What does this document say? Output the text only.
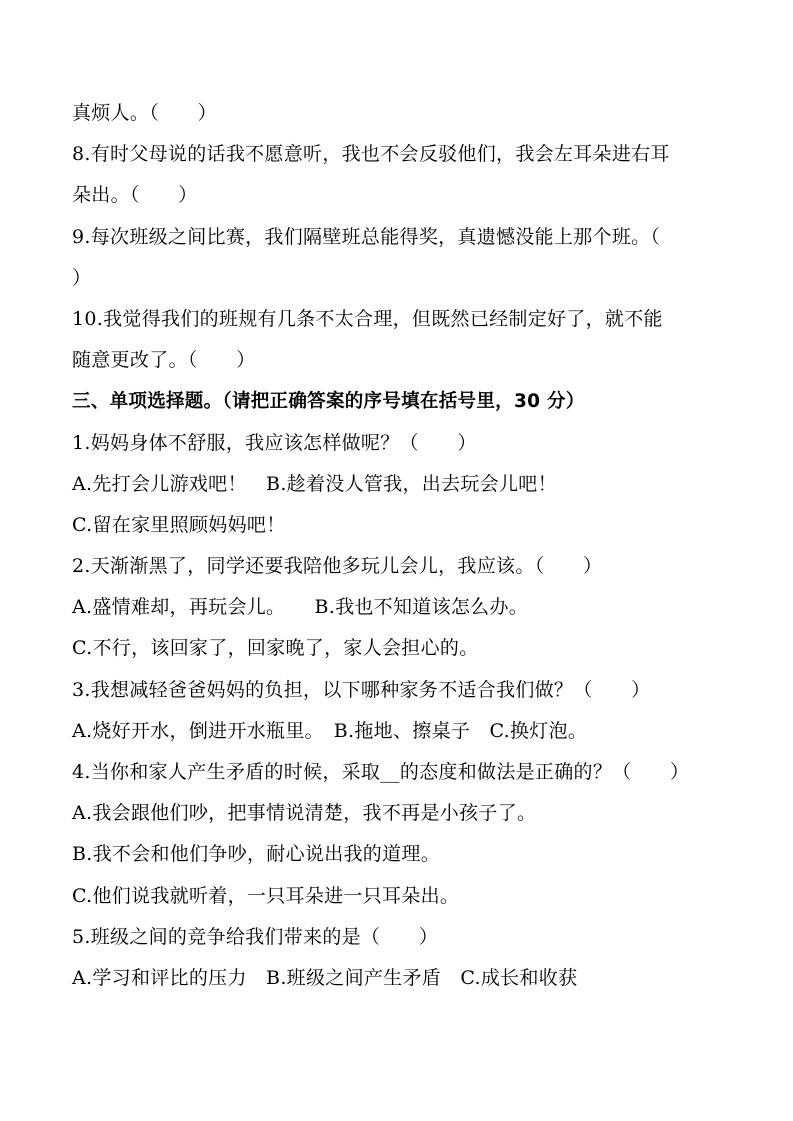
真烦人。（　　）
8.有时父母说的话我不愿意听，我也不会反驳他们，我会左耳朵进右耳
朵出。（　　）
9.每次班级之间比赛，我们隔壁班总能得奖，真遗憾没能上那个班。（
）
10.我觉得我们的班规有几条不太合理，但既然已经制定好了，就不能
随意更改了。（　　）
三、单项选择题。（请把正确答案的序号填在括号里，30 分）
1.妈妈身体不舒服，我应该怎样做呢？（　　）
A.先打会儿游戏吧！　B.趁着没人管我，出去玩会儿吧！
C.留在家里照顾妈妈吧！
2.天渐渐黑了，同学还要我陪他多玩儿会儿，我应该。（　　）
A.盛情难却，再玩会儿。　　B.我也不知道该怎么办。
C.不行，该回家了，回家晚了，家人会担心的。
3.我想减轻爸爸妈妈的负担，以下哪种家务不适合我们做？（　　）
A.烧好开水，倒进开水瓶里。　B.拖地、擦桌子　C.换灯泡。
4.当你和家人产生矛盾的时候，采取__的态度和做法是正确的？（　　）
A.我会跟他们吵，把事情说清楚，我不再是小孩子了。
B.我不会和他们争吵，耐心说出我的道理。
C.他们说我就听着，一只耳朵进一只耳朵出。
5.班级之间的竞争给我们带来的是（　　）
A.学习和评比的压力　B.班级之间产生矛盾　C.成长和收获
